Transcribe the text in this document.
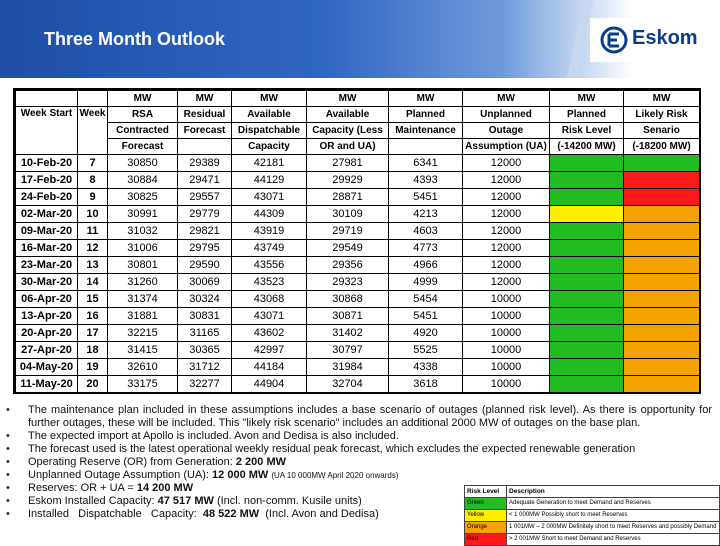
Three Month Outlook	Eskom
		MW	MW	MW	MW	MW	MW	MW	MW
Week Start	Week	RSA	Residual	Available	Available	Planned	Unplanned	Planned	Likely Risk
		Contracted	Forecast	Dispatchable	Capacity (Less	Maintenance	Outage	Risk Level	Senario
		Forecast		Capacity	OR and UA)		Assumption (UA)	(-14200 MW)	(-18200 MW)
10-Feb-20	7	30850	29389	42181	27981	6341	12000		
17-Feb-20	8	30884	29471	44129	29929	4393	12000		
24-Feb-20	9	30825	29557	43071	28871	5451	12000		
02-Mar-20	10	30991	29779	44309	30109	4213	12000		
09-Mar-20	11	31032	29821	43919	29719	4603	12000		
16-Mar-20	12	31006	29795	43749	29549	4773	12000		
23-Mar-20	13	30801	29590	43556	29356	4966	12000		
30-Mar-20	14	31260	30069	43523	29323	4999	12000		
06-Apr-20	15	31374	30324	43068	30868	5454	10000		
13-Apr-20	16	31881	30831	43071	30871	5451	10000		
20-Apr-20	17	32215	31165	43602	31402	4920	10000		
27-Apr-20	18	31415	30365	42997	30797	5525	10000		
04-May-20	19	32610	31712	44184	31984	4338	10000		
11-May-20	20	33175	32277	44904	32704	3618	10000		
•	The maintenance plan included in these assumptions includes a base scenario of outages (planned risk level). As there is opportunity for further outages, these will be included. This "likely risk scenario" includes an additional 2000 MW of outages on the base plan.
•	The expected import at Apollo is included. Avon and Dedisa is also included.
•	The forecast used is the latest operational weekly residual peak forecast, which excludes the expected renewable generation
•	Operating Reserve (OR) from Generation: 2 200 MW
•	Unplanned Outage Assumption (UA): 12 000 MW (UA 10 000MW April 2020 onwards)
•	Reserves: OR + UA = 14 200 MW
•	Eskom Installed Capacity: 47 517 MW (Incl. non-comm. Kusile units)
•	Installed   Dispatchable   Capacity:  48 522 MW (Incl. Avon and Dedisa)
Risk Level	Description
Green	Adequate Generation to meet Demand and Reserves
Yellow	< 1 000MW Possibly short to meet Reserves
Orange	1 001MW – 2 000MW Definitely short to meet Reserves and possibly Demand
Red	> 2 001MW Short to meet Demand and Reserves
